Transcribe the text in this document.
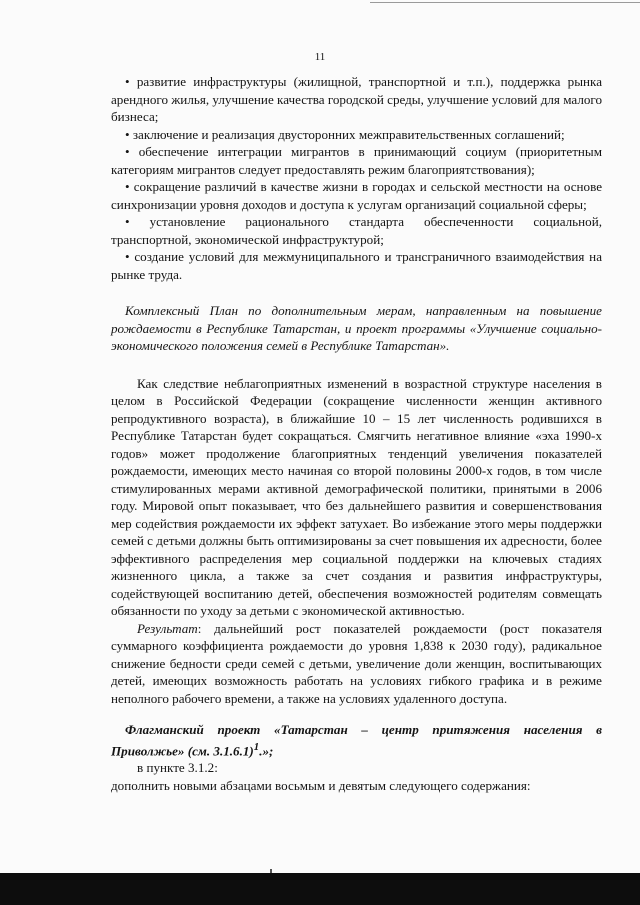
11

• развитие инфраструктуры (жилищной, транспортной и т.п.), поддержка рынка арендного жилья, улучшение качества городской среды, улучшение условий для малого бизнеса;

• заключение и реализация двусторонних межправительственных соглашений;

• обеспечение интеграции мигрантов в принимающий социум (приоритетным категориям мигрантов следует предоставлять режим благоприятствования);

• сокращение различий в качестве жизни в городах и сельской местности на основе синхронизации уровня доходов и доступа к услугам организаций социальной сферы;

• установление рационального стандарта обеспеченности социальной, транспортной, экономической инфраструктурой;

• создание условий для межмуниципального и трансграничного взаимодействия на рынке труда.

Комплексный План по дополнительным мерам, направленным на повышение рождаемости в Республике Татарстан, и проект программы «Улучшение социально-экономического положения семей в Республике Татарстан».

Как следствие неблагоприятных изменений в возрастной структуре населения в целом в Российской Федерации (сокращение численности женщин активного репродуктивного возраста), в ближайшие 10 – 15 лет численность родившихся в Республике Татарстан будет сокращаться. Смягчить негативное влияние «эха 1990-х годов» может продолжение благоприятных тенденций увеличения показателей рождаемости, имеющих место начиная со второй половины 2000-х годов, в том числе стимулированных мерами активной демографической политики, принятыми в 2006 году. Мировой опыт показывает, что без дальнейшего развития и совершенствования мер содействия рождаемости их эффект затухает. Во избежание этого меры поддержки семей с детьми должны быть оптимизированы за счет повышения их адресности, более эффективного распределения мер социальной поддержки на ключевых стадиях жизненного цикла, а также за счет создания и развития инфраструктуры, содействующей воспитанию детей, обеспечения возможностей родителям совмещать обязанности по уходу за детьми с экономической активностью.

Результат: дальнейший рост показателей рождаемости (рост показателя суммарного коэффициента рождаемости до уровня 1,838 к 2030 году), радикальное снижение бедности среди семей с детьми, увеличение доли женщин, воспитывающих детей, имеющих возможность работать на условиях гибкого графика и в режиме неполного рабочего времени, а также на условиях удаленного доступа.

Флагманский проект «Татарстан – центр притяжения населения в Приволжье» (см. 3.1.6.1)$^1$.»;

в пункте 3.1.2:

дополнить новыми абзацами восьмым и девятым следующего содержания:
